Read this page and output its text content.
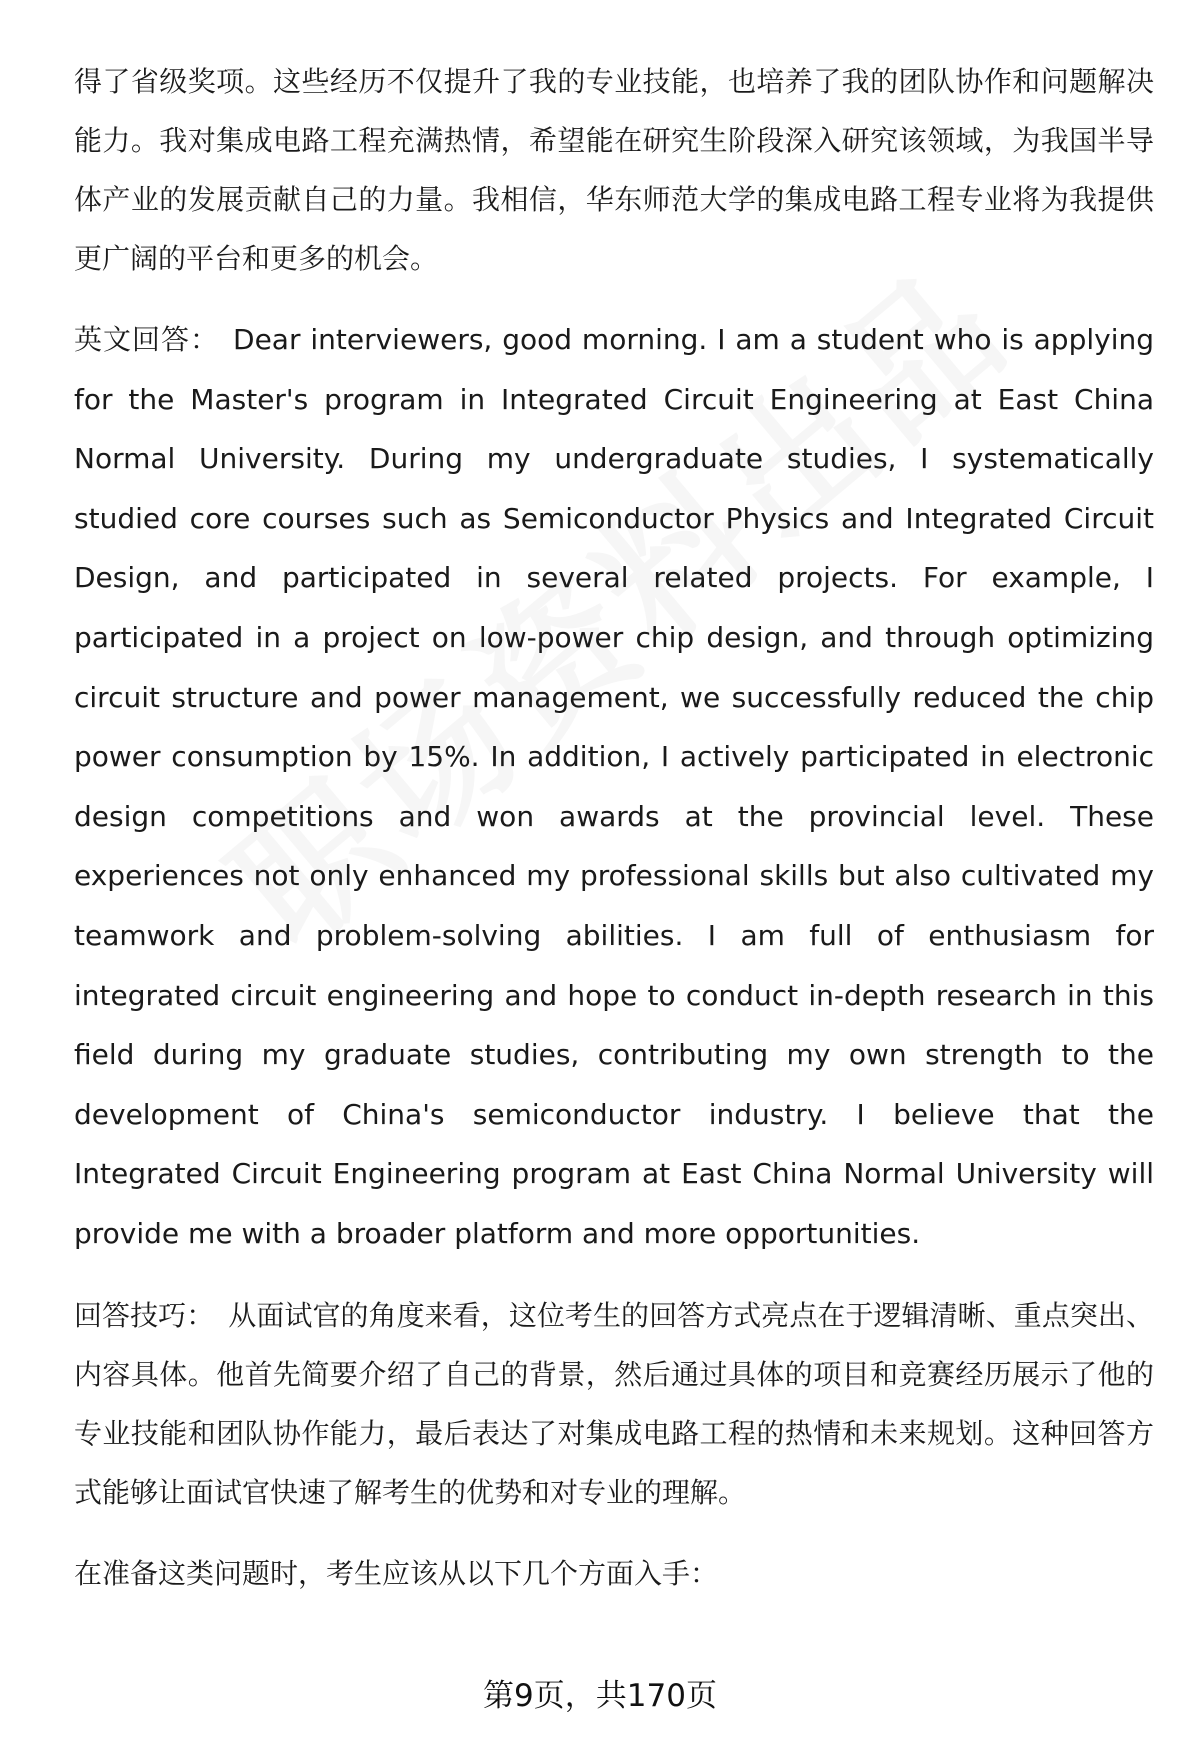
得了省级奖项。这些经历不仅提升了我的专业技能，也培养了我的团队协作和问题解决能力。我对集成电路工程充满热情，希望能在研究生阶段深入研究该领域，为我国半导体产业的发展贡献自己的力量。我相信，华东师范大学的集成电路工程专业将为我提供更广阔的平台和更多的机会。

英文回答： Dear interviewers, good morning. I am a student who is applying for the Master's program in Integrated Circuit Engineering at East China Normal University. During my undergraduate studies, I systematically studied core courses such as Semiconductor Physics and Integrated Circuit Design, and participated in several related projects. For example, I participated in a project on low-power chip design, and through optimizing circuit structure and power management, we successfully reduced the chip power consumption by 15%. In addition, I actively participated in electronic design competitions and won awards at the provincial level. These experiences not only enhanced my professional skills but also cultivated my teamwork and problem-solving abilities. I am full of enthusiasm for integrated circuit engineering and hope to conduct in-depth research in this field during my graduate studies, contributing my own strength to the development of China's semiconductor industry. I believe that the Integrated Circuit Engineering program at East China Normal University will provide me with a broader platform and more opportunities.

回答技巧： 从面试官的角度来看，这位考生的回答方式亮点在于逻辑清晰、重点突出、内容具体。他首先简要介绍了自己的背景，然后通过具体的项目和竞赛经历展示了他的专业技能和团队协作能力，最后表达了对集成电路工程的热情和未来规划。这种回答方式能够让面试官快速了解考生的优势和对专业的理解。

在准备这类问题时，考生应该从以下几个方面入手：

第9页，共170页
